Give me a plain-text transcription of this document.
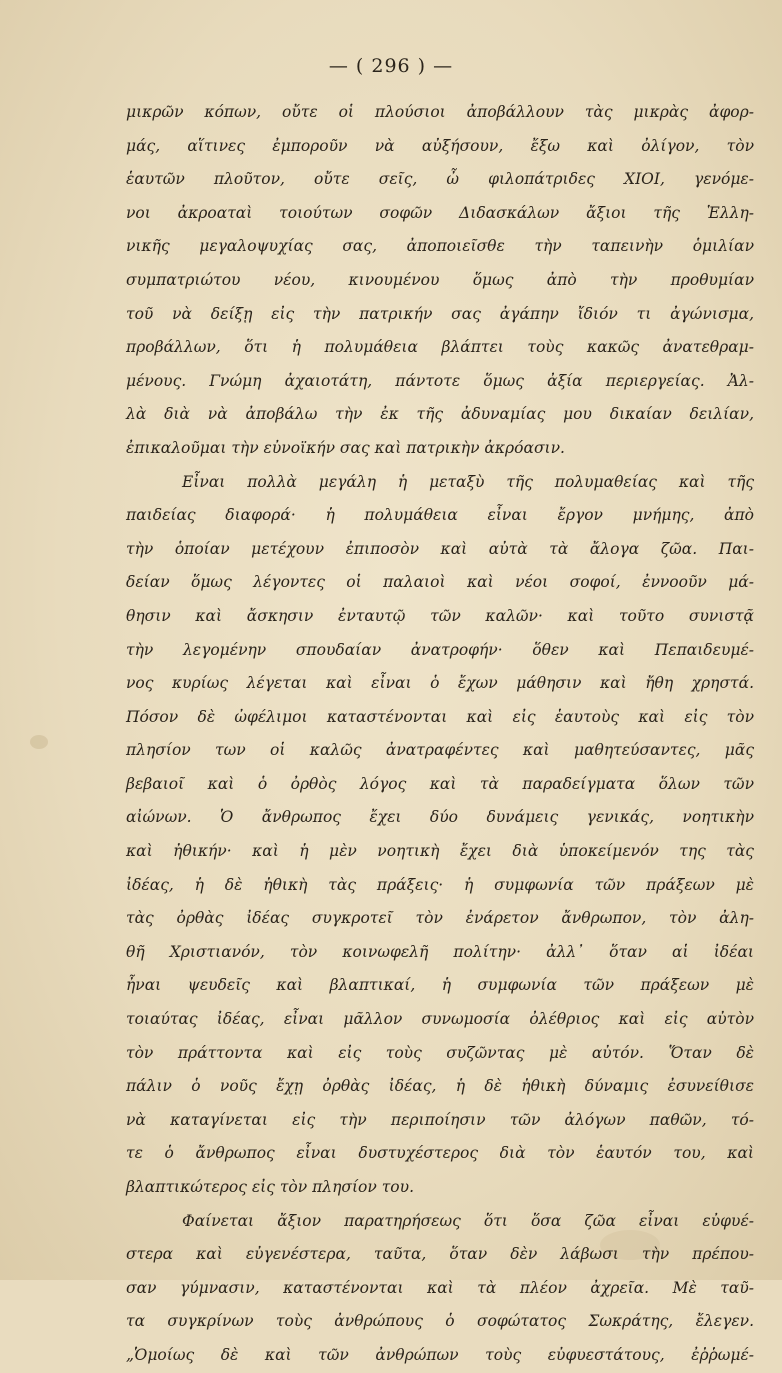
— ( 296 ) —
μικρῶν κόπων, οὔτε οἱ πλούσιοι ἀποβάλλουν τὰς μικρὰς ἀφορ-
μάς, αἵτινες ἐμποροῦν νὰ αὐξήσουν, ἔξω καὶ ὀλίγον, τὸν
ἑαυτῶν πλοῦτον, οὔτε σεῖς, ὦ φιλοπάτριδες ΧΙΟΙ, γενόμε-
νοι ἀκροαταὶ τοιούτων σοφῶν Διδασκάλων ἄξιοι τῆς Ἑλλη-
νικῆς μεγαλοψυχίας σας, ἀποποιεῖσθε τὴν ταπεινὴν ὁμιλίαν
συμπατριώτου νέου, κινουμένου ὅμως ἀπὸ τὴν προθυμίαν
τοῦ νὰ δείξῃ εἰς τὴν πατρικήν σας ἀγάπην ἴδιόν τι ἀγώνισμα,
προβάλλων, ὅτι ἡ πολυμάθεια βλάπτει τοὺς κακῶς ἀνατεθραμ-
μένους. Γνώμη ἀχαιοτάτη, πάντοτε ὅμως ἀξία περιεργείας. Ἀλ-
λὰ διὰ νὰ ἀποβάλω τὴν ἐκ τῆς ἀδυναμίας μου δικαίαν δειλίαν,
ἐπικαλοῦμαι τὴν εὐνοϊκήν σας καὶ πατρικὴν ἀκρόασιν.
Εἶναι πολλὰ μεγάλη ἡ μεταξὺ τῆς πολυμαθείας καὶ τῆς
παιδείας διαφορά· ἡ πολυμάθεια εἶναι ἔργον μνήμης, ἀπὸ
τὴν ὁποίαν μετέχουν ἐπιποσὸν καὶ αὐτὰ τὰ ἄλογα ζῶα. Παι-
δείαν ὅμως λέγοντες οἱ παλαιοὶ καὶ νέοι σοφοί, ἐννοοῦν μά-
θησιν καὶ ἄσκησιν ἐνταυτῷ τῶν καλῶν· καὶ τοῦτο συνιστᾷ
τὴν λεγομένην σπουδαίαν ἀνατροφήν· ὅθεν καὶ Πεπαιδευμέ-
νος κυρίως λέγεται καὶ εἶναι ὁ ἔχων μάθησιν καὶ ἤθη χρηστά.
Πόσον δὲ ὠφέλιμοι καταστένονται καὶ εἰς ἑαυτοὺς καὶ εἰς τὸν
πλησίον των οἱ καλῶς ἀνατραφέντες καὶ μαθητεύσαντες, μᾶς
βεβαιοῖ καὶ ὁ ὀρθὸς λόγος καὶ τὰ παραδείγματα ὅλων τῶν
αἰώνων. Ὁ ἄνθρωπος ἔχει δύο δυνάμεις γενικάς, νοητικὴν
καὶ ἠθικήν· καὶ ἡ μὲν νοητικὴ ἔχει διὰ ὑποκείμενόν της τὰς
ἰδέας, ἡ δὲ ἠθικὴ τὰς πράξεις· ἡ συμφωνία τῶν πράξεων μὲ
τὰς ὀρθὰς ἰδέας συγκροτεῖ τὸν ἐνάρετον ἄνθρωπον, τὸν ἀλη-
θῆ Χριστιανόν, τὸν κοινωφελῆ πολίτην· ἀλλ᾽ ὅταν αἱ ἰδέαι
ἦναι ψευδεῖς καὶ βλαπτικαί, ἡ συμφωνία τῶν πράξεων μὲ
τοιαύτας ἰδέας, εἶναι μᾶλλον συνωμοσία ὀλέθριος καὶ εἰς αὐτὸν
τὸν πράττοντα καὶ εἰς τοὺς συζῶντας μὲ αὐτόν. Ὅταν δὲ
πάλιν ὁ νοῦς ἔχῃ ὀρθὰς ἰδέας, ἡ δὲ ἠθικὴ δύναμις ἐσυνείθισε
νὰ καταγίνεται εἰς τὴν περιποίησιν τῶν ἀλόγων παθῶν, τό-
τε ὁ ἄνθρωπος εἶναι δυστυχέστερος διὰ τὸν ἑαυτόν του, καὶ
βλαπτικώτερος εἰς τὸν πλησίον του.
Φαίνεται ἄξιον παρατηρήσεως ὅτι ὅσα ζῶα εἶναι εὐφυέ-
στερα καὶ εὐγενέστερα, ταῦτα, ὅταν δὲν λάβωσι τὴν πρέπου-
σαν γύμνασιν, καταστένονται καὶ τὰ πλέον ἀχρεῖα. Μὲ ταῦ-
τα συγκρίνων τοὺς ἀνθρώπους ὁ σοφώτατος Σωκράτης, ἔλεγεν.
„Ὁμοίως δὲ καὶ τῶν ἀνθρώπων τοὺς εὐφυεστάτους, ἐῤῥωμέ-
